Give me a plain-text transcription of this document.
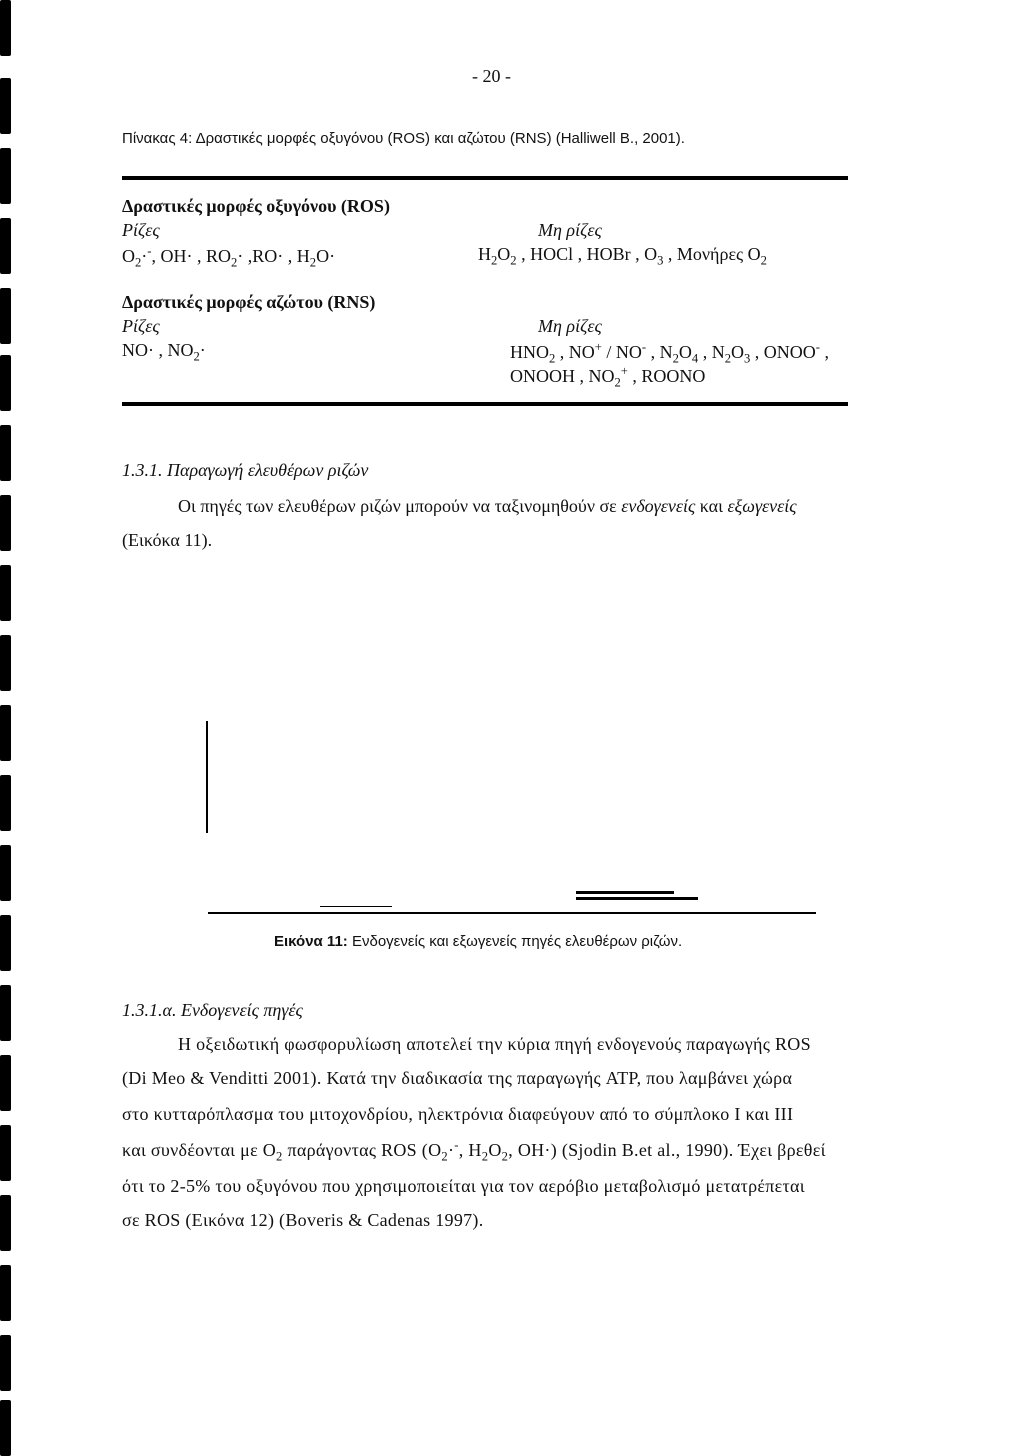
- 20 -
Πίνακας 4: Δραστικές μορφές οξυγόνου (ROS) και αζώτου (RNS) (Halliwell B., 2001).
Δραστικές μορφές οξυγόνου (ROS)
Ρίζες
$O_2\cdot^-$, OH· , $RO_2\cdot ,RO\cdot$ , $H_2O\cdot$
Μη ρίζες
$H_2O_2$ , HOCl , HOBr , $O_3$ , Μονήρες $O_2$
Δραστικές μορφές αζώτου (RNS)
Ρίζες
NO· , $NO_2\cdot$
Μη ρίζες
$HNO_2$ , NO+ / NO- , $N_2O_4$ , $N_2O_3$ , ONOO- ,
ONOOH , $NO_2^+$ , ROONO
1.3.1. Παραγωγή ελευθέρων ριζών
Οι πηγές των ελευθέρων ριζών μπορούν να ταξινομηθούν σε ενδογενείς και εξωγενείς
(Εικόκα 11).
Εικόνα 11: Ενδογενείς και εξωγενείς πηγές ελευθέρων ριζών.
1.3.1.α. Ενδογενείς πηγές
Η οξειδωτική φωσφορυλίωση αποτελεί την κύρια πηγή ενδογενούς παραγωγής ROS
(Di Meo & Venditti 2001). Κατά την διαδικασία της παραγωγής ATP, που λαμβάνει χώρα
στο κυτταρόπλασμα του μιτοχονδρίου, ηλεκτρόνια διαφεύγουν από το σύμπλοκο I και III
και συνδέονται με $O_2$ παράγοντας ROS ($O_2\cdot^-$, $H_2O_2$, OH·) (Sjodin B.et al., 1990). Έχει βρεθεί
ότι το 2-5% του οξυγόνου που χρησιμοποιείται για τον αερόβιο μεταβολισμό μετατρέπεται
σε ROS (Εικόνα 12) (Boveris & Cadenas 1997).
